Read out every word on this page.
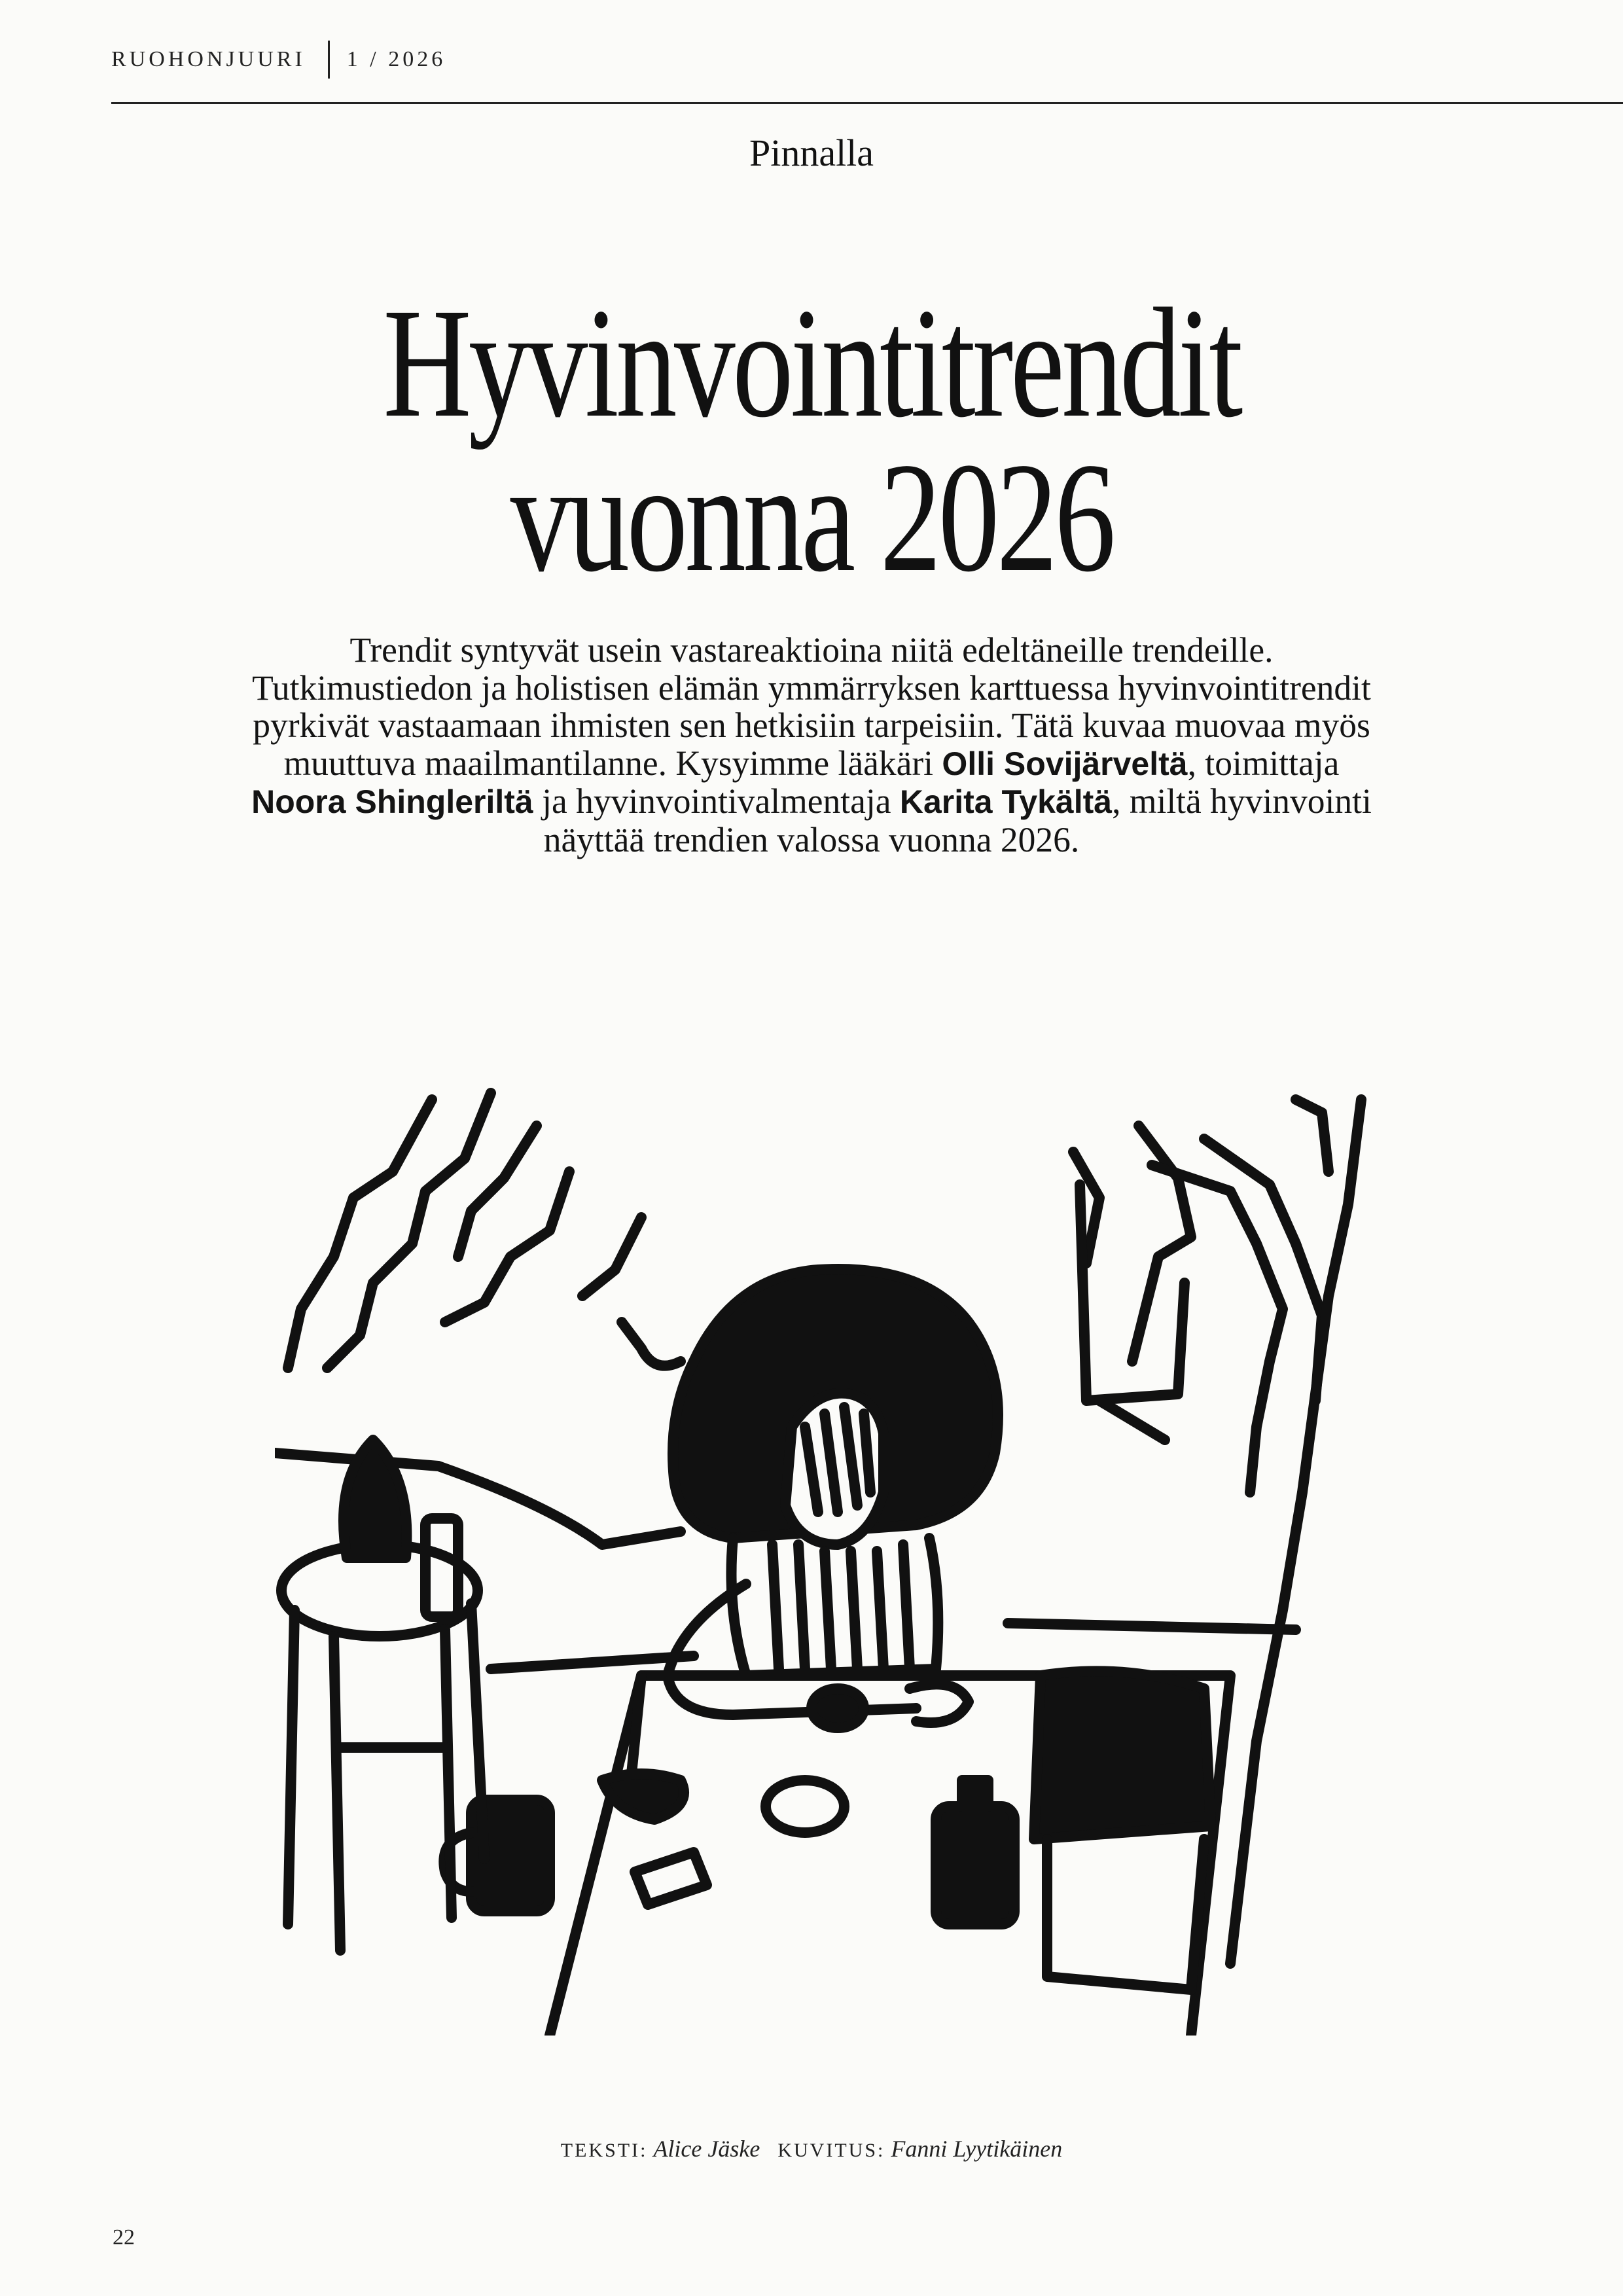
RUOHONJUURI 1 / 2026
Pinnalla
Hyvinvointitrendit
vuonna 2026

Trendit syntyvät usein vastareaktioina niitä edeltäneille trendeille.
Tutkimustiedon ja holistisen elämän ymmärryksen karttuessa hyvinvointitrendit
pyrkivät vastaamaan ihmisten sen hetkisiin tarpeisiin. Tätä kuvaa muovaa myös
muuttuva maailmantilanne. Kysyimme lääkäri Olli Sovijärveltä, toimittaja
Noora Shingleriltä ja hyvinvointivalmentaja Karita Tykältä, miltä hyvinvointi
näyttää trendien valossa vuonna 2026.

TEKSTI: Alice Jäske KUVITUS: Fanni Lyytikäinen
22
